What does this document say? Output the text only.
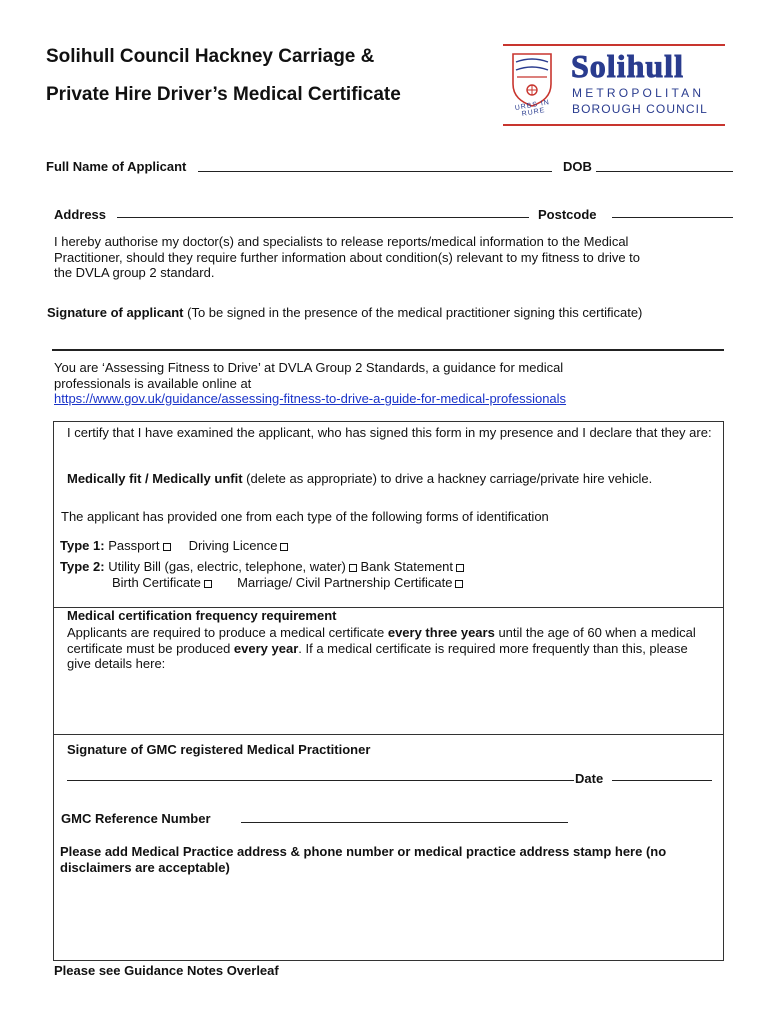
Solihull Council Hackney Carriage &
Private Hire Driver’s Medical Certificate
URBS IN RURE
Solihull
METROPOLITAN
BOROUGH COUNCIL
Full Name of Applicant	DOB
Address	Postcode
I hereby authorise my doctor(s) and specialists to release reports/medical information to the Medical Practitioner, should they require further information about condition(s) relevant to my fitness to drive to the DVLA group 2 standard.
Signature of applicant (To be signed in the presence of the medical practitioner signing this certificate)
You are ‘Assessing Fitness to Drive’ at DVLA Group 2 Standards, a guidance for medical professionals is available online at
https://www.gov.uk/guidance/assessing-fitness-to-drive-a-guide-for-medical-professionals
I certify that I have examined the applicant, who has signed this form in my presence and I declare that they are:
Medically fit / Medically unfit (delete as appropriate) to drive a hackney carriage/private hire vehicle.
The applicant has provided one from each type of the following forms of identification
Type 1: Passport Driving Licence
Type 2: Utility Bill (gas, electric, telephone, water) Bank Statement
Birth Certificate	Marriage/ Civil Partnership Certificate
Medical certification frequency requirement
Applicants are required to produce a medical certificate every three years until the age of 60 when a medical certificate must be produced every year. If a medical certificate is required more frequently than this, please give details here:
Signature of GMC registered Medical Practitioner
Date
GMC Reference Number
Please add Medical Practice address & phone number or medical practice address stamp here (no disclaimers are acceptable)
Please see Guidance Notes Overleaf
